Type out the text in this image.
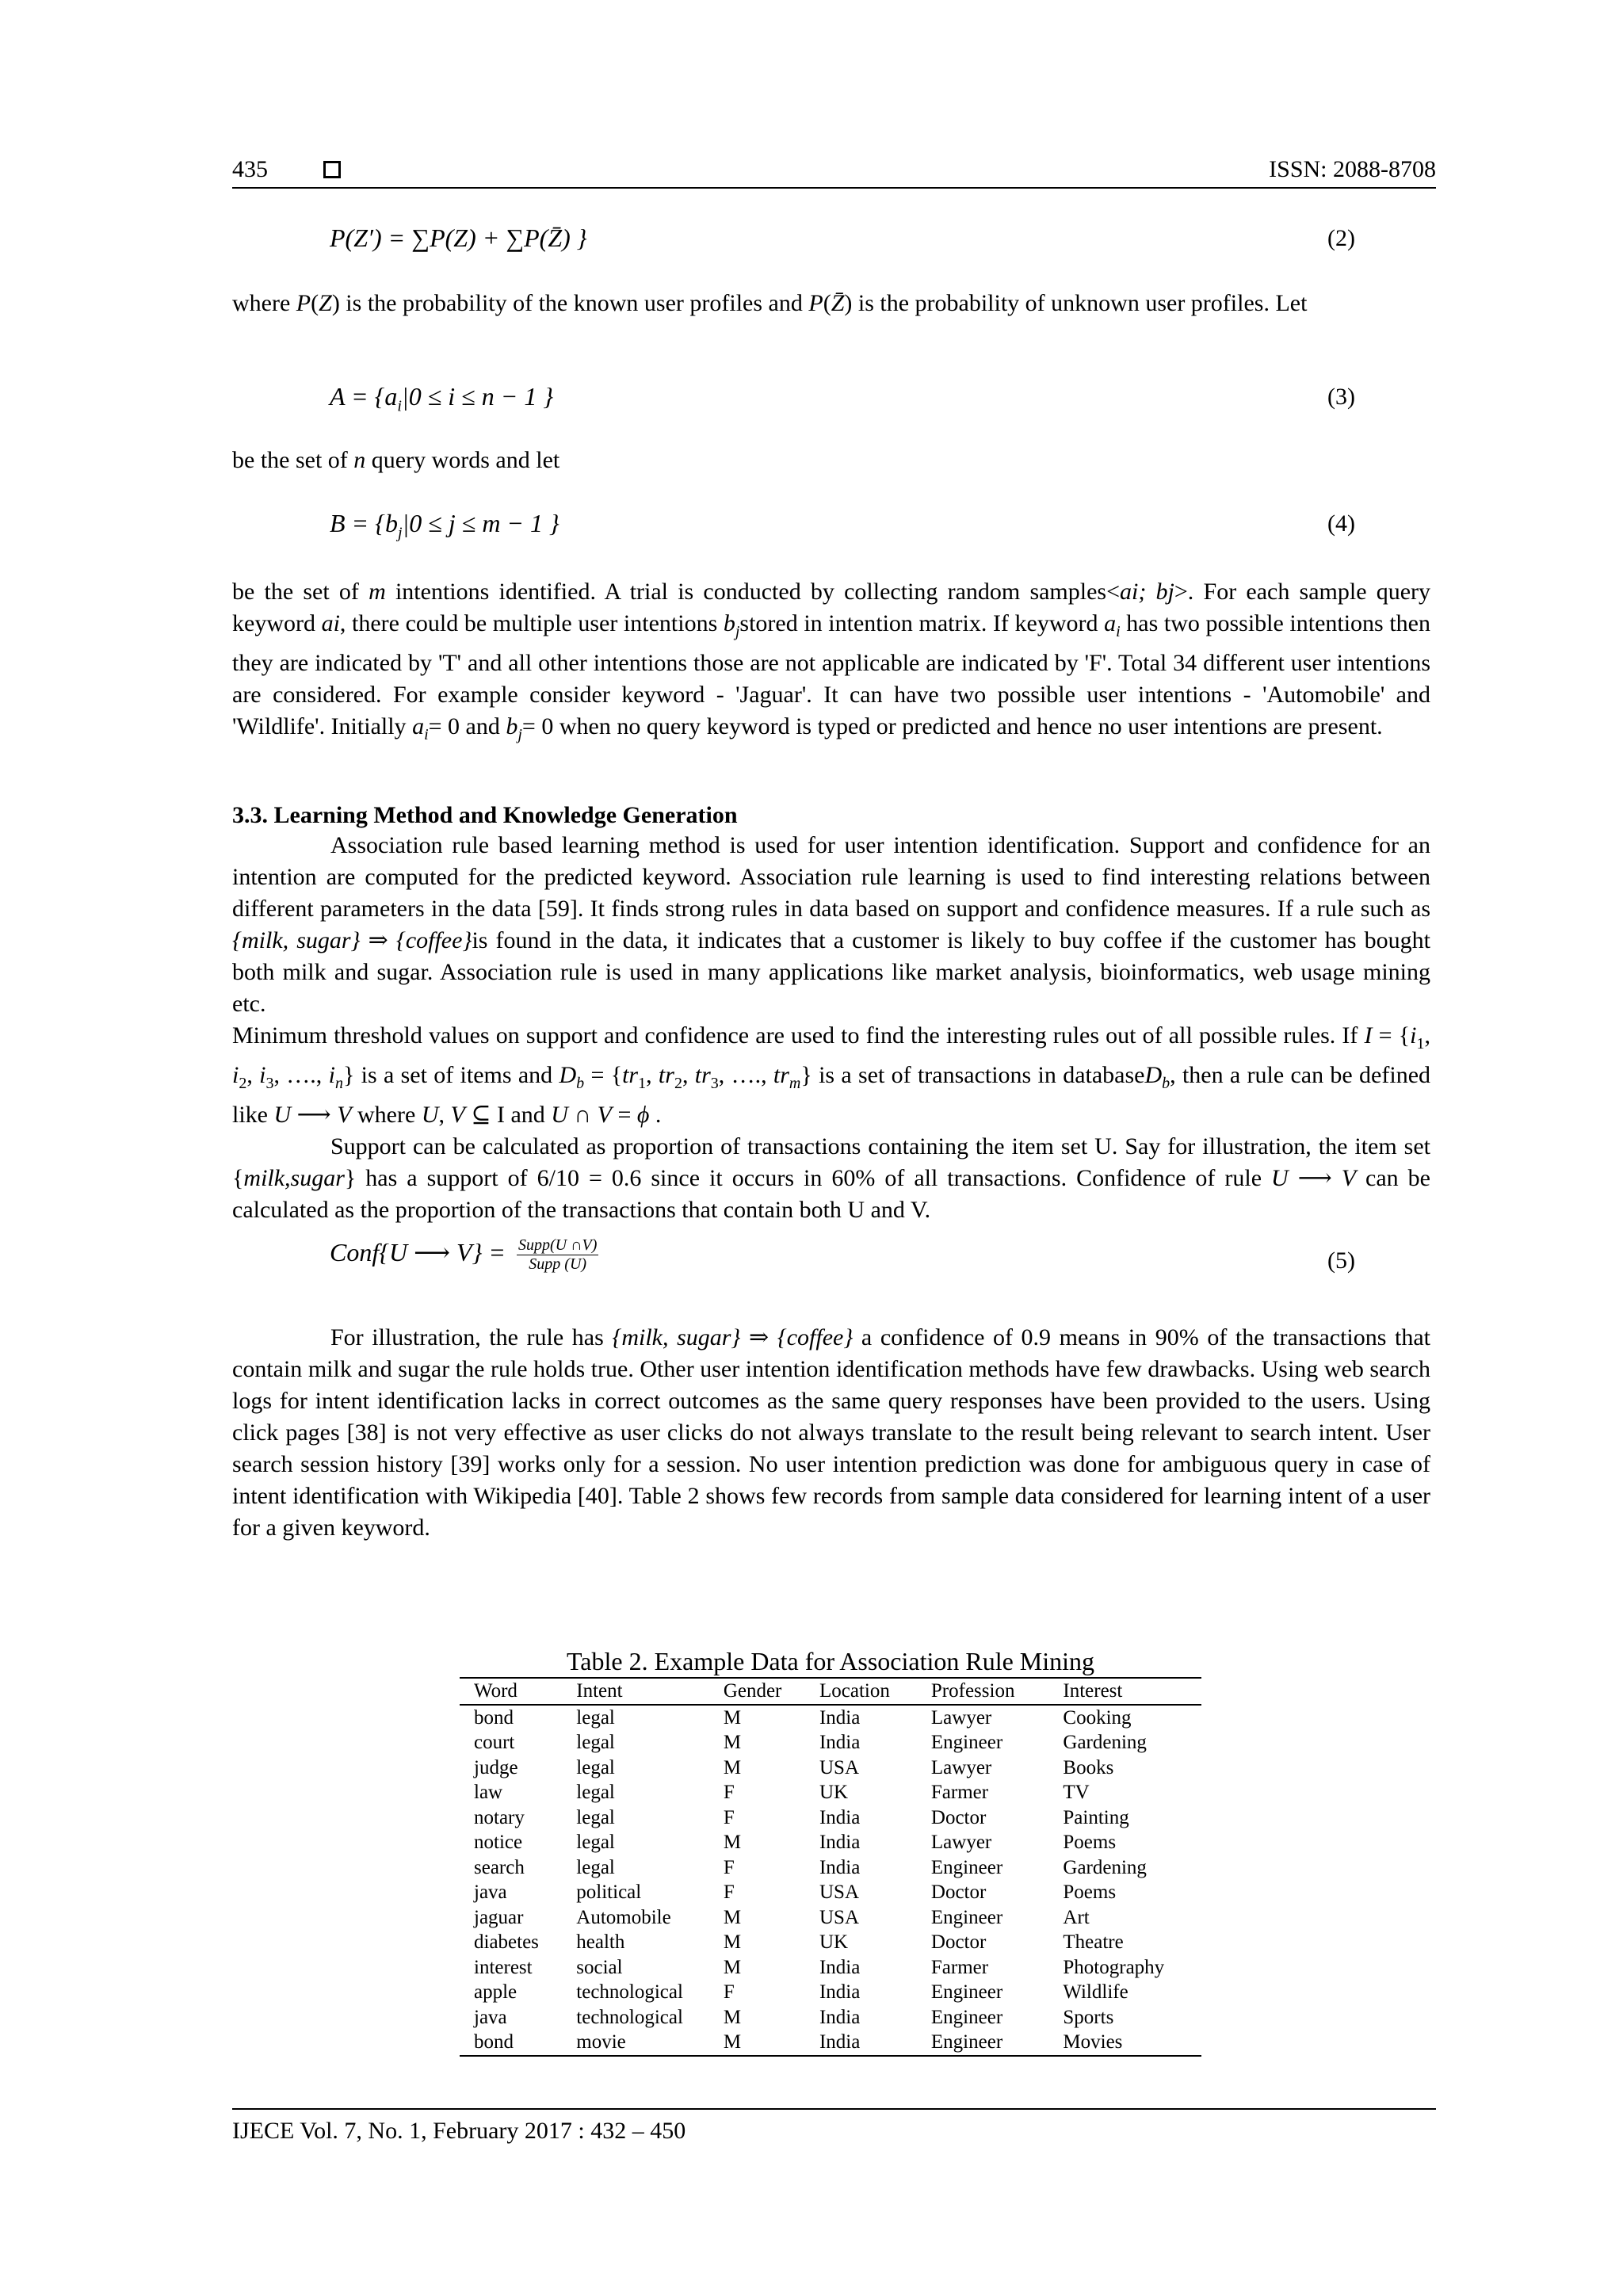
435	ISSN: 2088-8708
P(Z′) = ∑P(Z) + ∑P(Z̄) }	(2)

where P(Z) is the probability of the known user profiles and P(Z̄) is the probability of unknown user profiles. Let

$A = \{a_i|0 \le i \le n - 1$ }	(3)

be the set of n query words and let

$B = \{b_j|0 \le j \le m - 1$ }	(4)

be the set of m intentions identified. A trial is conducted by collecting random samples<ai; bj>. For each sample query keyword ai, there could be multiple user intentions $b_jstored$ in intention matrix. If keyword $a_i$ has two possible intentions then they are indicated by 'T' and all other intentions those are not applicable are indicated by 'F'. Total 34 different user intentions are considered. For example consider keyword - 'Jaguar'. It can have two possible user intentions - 'Automobile' and 'Wildlife'. Initially $a_i= 0$ and $b_j= 0$ when no query keyword is typed or predicted and hence no user intentions are present.

3.3. Learning Method and Knowledge Generation

Association rule based learning method is used for user intention identification. Support and confidence for an intention are computed for the predicted keyword. Association rule learning is used to find interesting relations between different parameters in the data [59]. It finds strong rules in data based on support and confidence measures. If a rule such as {milk, sugar} ⇒ {coffee}is found in the data, it indicates that a customer is likely to buy coffee if the customer has bought both milk and sugar. Association rule is used in many applications like market analysis, bioinformatics, web usage mining etc.

Minimum threshold values on support and confidence are used to find the interesting rules out of all possible rules. If $I = \{i_1$, $i_2$, $i_3$, …., $i_n$} is a set of items and $D_b = \{tr_1$, $tr_2$, $tr_3$, …., $tr_m$} is a set of transactions in databaseD$_b$, then a rule can be defined like U ⟶ V where U, V ⊆ I and U ∩ V = ϕ .

Support can be calculated as proportion of transactions containing the item set U. Say for illustration, the item set {milk,sugar} has a support of 6/10 = 0.6 since it occurs in 60% of all transactions. Confidence of rule U ⟶ V can be calculated as the proportion of the transactions that contain both U and V.

Conf{U ⟶ $V\} = \frac{\text{Supp(U ∩V)}}{\text{Supp (U)}}$	(5)

For illustration, the rule has {milk, sugar} ⇒ {coffee} a confidence of 0.9 means in 90% of the transactions that contain milk and sugar the rule holds true. Other user intention identification methods have few drawbacks. Using web search logs for intent identification lacks in correct outcomes as the same query responses have been provided to the users. Using click pages [38] is not very effective as user clicks do not always translate to the result being relevant to search intent. User search session history [39] works only for a session. No user intention prediction was done for ambiguous query in case of intent identification with Wikipedia [40]. Table 2 shows few records from sample data considered for learning intent of a user for a given keyword.

Table 2. Example Data for Association Rule Mining
Word	Intent	Gender	Location	Profession	Interest
bond	legal	M	India	Lawyer	Cooking
court	legal	M	India	Engineer	Gardening
judge	legal	M	USA	Lawyer	Books
law	legal	F	UK	Farmer	TV
notary	legal	F	India	Doctor	Painting
notice	legal	M	India	Lawyer	Poems
search	legal	F	India	Engineer	Gardening
java	political	F	USA	Doctor	Poems
jaguar	Automobile	M	USA	Engineer	Art
diabetes	health	M	UK	Doctor	Theatre
interest	social	M	India	Farmer	Photography
apple	technological	F	India	Engineer	Wildlife
java	technological	M	India	Engineer	Sports
bond	movie	M	India	Engineer	Movies
IJECE Vol. 7, No. 1, February 2017 : 432 – 450
